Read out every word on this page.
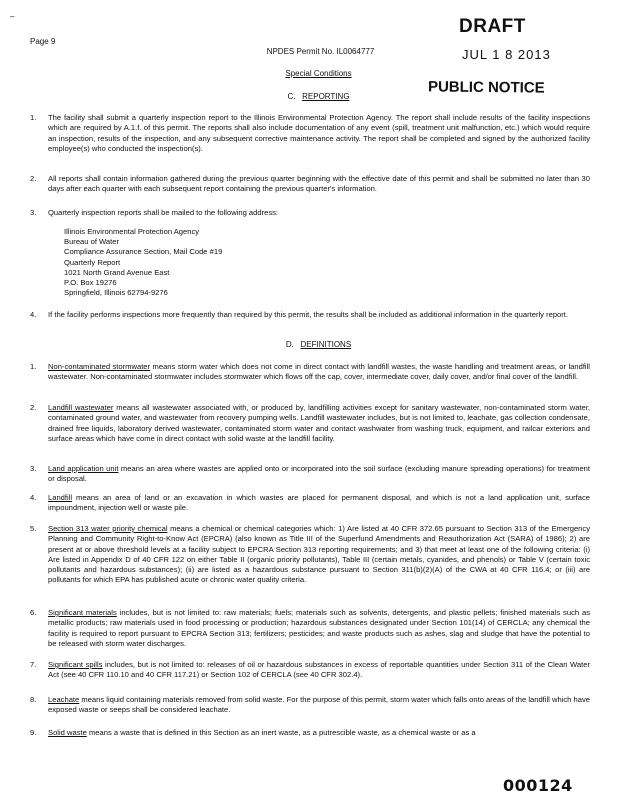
–
Page 9
DRAFT
NPDES Permit No. IL0064777	JUL 1 8 2013
Special Conditions
PUBLIC NOTICE
C. REPORTING
1.	The facility shall submit a quarterly inspection report to the Illinois Environmental Protection Agency. The report shall include results of the facility inspections which are required by A.1.f. of this permit. The reports shall also include documentation of any event (spill, treatment unit malfunction, etc.) which would require an inspection, results of the inspection, and any subsequent corrective maintenance activity. The report shall be completed and signed by the authorized facility employee(s) who conducted the inspection(s).
2.	All reports shall contain information gathered during the previous quarter beginning with the effective date of this permit and shall be submitted no later than 30 days after each quarter with each subsequent report containing the previous quarter's information.
3.	Quarterly inspection reports shall be mailed to the following address:
Illinois Environmental Protection Agency
Bureau of Water
Compliance Assurance Section, Mail Code #19
Quarterly Report
1021 North Grand Avenue East
P.O. Box 19276
Springfield, Illinois 62794-9276
4.	If the facility performs inspections more frequently than required by this permit, the results shall be included as additional information in the quarterly report.
D. DEFINITIONS
1.	Non-contaminated stormwater means storm water which does not come in direct contact with landfill wastes, the waste handling and treatment areas, or landfill wastewater. Non-contaminated stormwater includes stormwater which flows off the cap, cover, intermediate cover, daily cover, and/or final cover of the landfill.
2.	Landfill wastewater means all wastewater associated with, or produced by, landfilling activities except for sanitary wastewater, non-contaminated storm water, contaminated ground water, and wastewater from recovery pumping wells. Landfill wastewater includes, but is not limited to, leachate, gas collection condensate, drained free liquids, laboratory derived wastewater, contaminated storm water and contact washwater from washing truck, equipment, and railcar exteriors and surface areas which have come in direct contact with solid waste at the landfill facility.
3.	Land application unit means an area where wastes are applied onto or incorporated into the soil surface (excluding manure spreading operations) for treatment or disposal.
4.	Landfill means an area of land or an excavation in which wastes are placed for permanent disposal, and which is not a land application unit, surface impoundment, injection well or waste pile.
5.	Section 313 water priority chemical means a chemical or chemical categories which: 1) Are listed at 40 CFR 372.65 pursuant to Section 313 of the Emergency Planning and Community Right-to-Know Act (EPCRA) (also known as Title III of the Superfund Amendments and Reauthorization Act (SARA) of 1986); 2) are present at or above threshold levels at a facility subject to EPCRA Section 313 reporting requirements; and 3) that meet at least one of the following criteria: (i) Are listed in Appendix D of 40 CFR 122 on either Table II (organic priority pollutants), Table III (certain metals, cyanides, and phenols) or Table V (certain toxic pollutants and hazardous substances); (ii) are listed as a hazardous substance pursuant to Section 311(b)(2)(A) of the CWA at 40 CFR 116.4; or (iii) are pollutants for which EPA has published acute or chronic water quality criteria.
6.	Significant materials includes, but is not limited to: raw materials; fuels; materials such as solvents, detergents, and plastic pellets; finished materials such as metallic products; raw materials used in food processing or production; hazardous substances designated under Section 101(14) of CERCLA; any chemical the facility is required to report pursuant to EPCRA Section 313; fertilizers; pesticides; and waste products such as ashes, slag and sludge that have the potential to be released with storm water discharges.
7.	Significant spills includes, but is not limited to: releases of oil or hazardous substances in excess of reportable quantities under Section 311 of the Clean Water Act (see 40 CFR 110.10 and 40 CFR 117.21) or Section 102 of CERCLA (see 40 CFR 302.4).
8.	Leachate means liquid containing materials removed from solid waste. For the purpose of this permit, storm water which falls onto areas of the landfill which have exposed waste or seeps shall be considered leachate.
9.	Solid waste means a waste that is defined in this Section as an inert waste, as a putrescible waste, as a chemical waste or as a
000124
